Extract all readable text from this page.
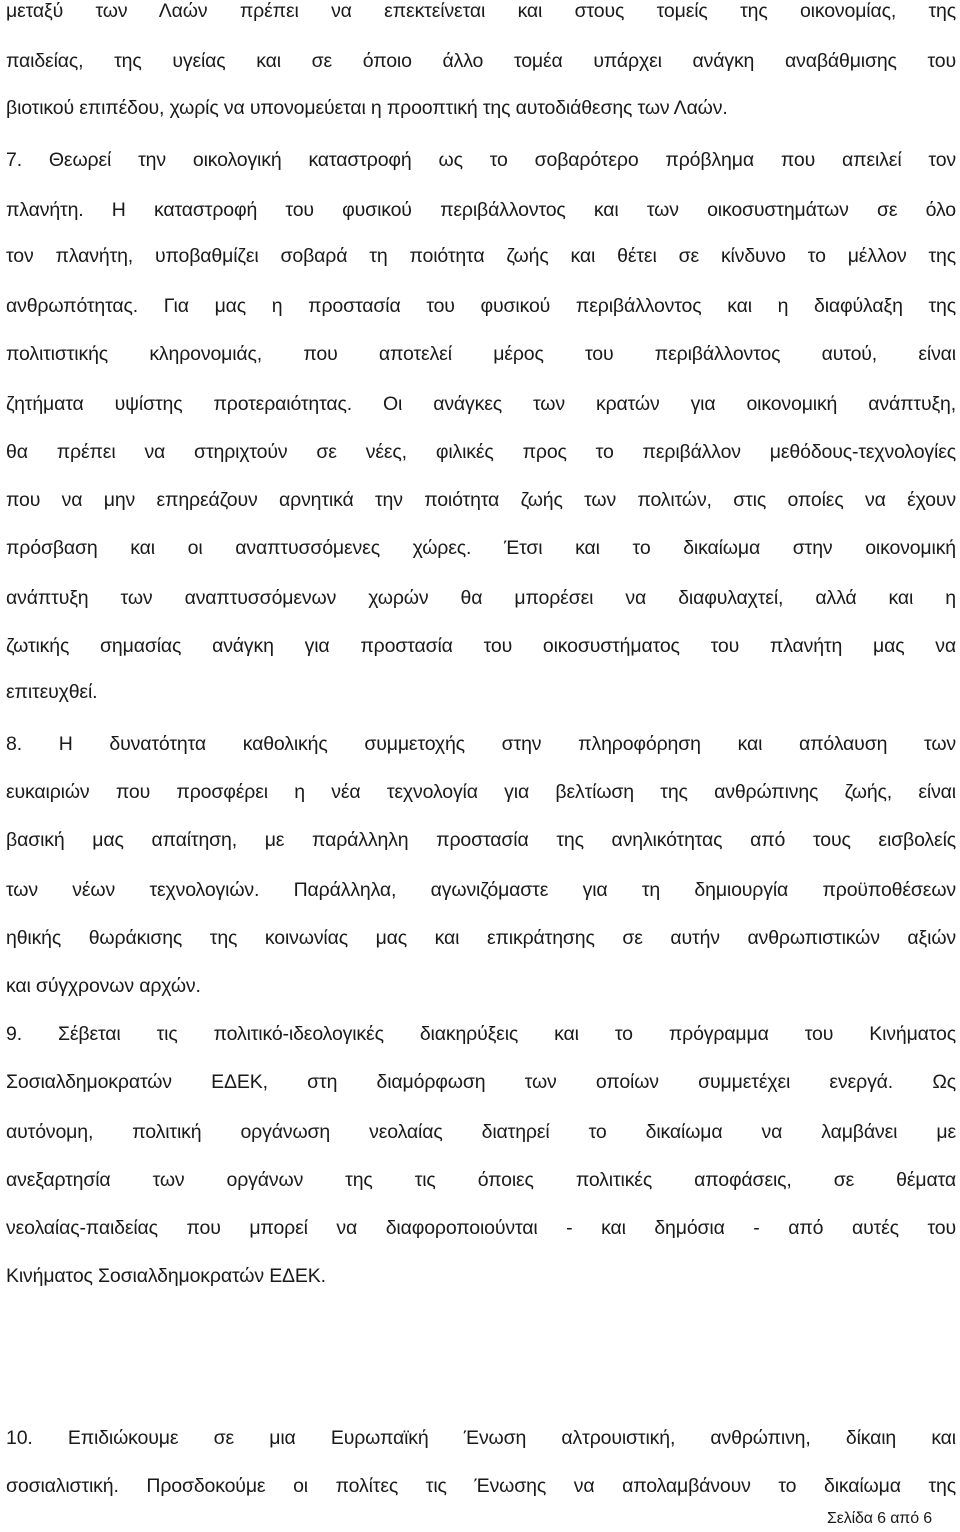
μεταξύ των Λαών πρέπει να επεκτείνεται και στους τομείς της οικονομίας, της
παιδείας, της υγείας και σε όποιο άλλο τομέα υπάρχει ανάγκη αναβάθμισης του
βιοτικού επιπέδου, χωρίς να υπονομεύεται η προοπτική της αυτοδιάθεσης των Λαών.
7. Θεωρεί την οικολογική καταστροφή ως το σοβαρότερο πρόβλημα που απειλεί τον
πλανήτη. Η καταστροφή του φυσικού περιβάλλοντος και των οικοσυστημάτων σε όλο
τον πλανήτη, υποβαθμίζει σοβαρά τη ποιότητα ζωής και θέτει σε κίνδυνο το μέλλον της
ανθρωπότητας. Για μας η προστασία του φυσικού περιβάλλοντος και η διαφύλαξη της
πολιτιστικής κληρονομιάς, που αποτελεί μέρος του περιβάλλοντος αυτού, είναι
ζητήματα υψίστης προτεραιότητας. Οι ανάγκες των κρατών για οικονομική ανάπτυξη,
θα πρέπει να στηριχτούν σε νέες, φιλικές προς το περιβάλλον μεθόδους-τεχνολογίες
που να μην επηρεάζουν αρνητικά την ποιότητα ζωής των πολιτών, στις οποίες να έχουν
πρόσβαση και οι αναπτυσσόμενες χώρες. Έτσι και το δικαίωμα στην οικονομική
ανάπτυξη των αναπτυσσόμενων χωρών θα μπορέσει να διαφυλαχτεί, αλλά και η
ζωτικής σημασίας ανάγκη για προστασία του οικοσυστήματος του πλανήτη μας να
επιτευχθεί.
8. Η δυνατότητα καθολικής συμμετοχής στην πληροφόρηση και απόλαυση των
ευκαιριών που προσφέρει η νέα τεχνολογία για βελτίωση της ανθρώπινης ζωής, είναι
βασική μας απαίτηση, με παράλληλη προστασία της ανηλικότητας από τους εισβολείς
των νέων τεχνολογιών. Παράλληλα, αγωνιζόμαστε για τη δημιουργία προϋποθέσεων
ηθικής θωράκισης της κοινωνίας μας και επικράτησης σε αυτήν ανθρωπιστικών αξιών
και σύγχρονων αρχών.
9. Σέβεται τις πολιτικό-ιδεολογικές διακηρύξεις και το πρόγραμμα του Κινήματος
Σοσιαλδημοκρατών ΕΔΕΚ, στη διαμόρφωση των οποίων συμμετέχει ενεργά. Ως
αυτόνομη, πολιτική οργάνωση νεολαίας διατηρεί το δικαίωμα να λαμβάνει με
ανεξαρτησία των οργάνων της τις όποιες πολιτικές αποφάσεις, σε θέματα
νεολαίας-παιδείας που μπορεί να διαφοροποιούνται - και δημόσια - από αυτές του
Κινήματος Σοσιαλδημοκρατών ΕΔΕΚ.
10. Επιδιώκουμε σε μια Ευρωπαϊκή Ένωση αλτρουιστική, ανθρώπινη, δίκαιη και
σοσιαλιστική. Προσδοκούμε οι πολίτες τις Ένωσης να απολαμβάνουν το δικαίωμα της
Σελίδα 6 από 6
